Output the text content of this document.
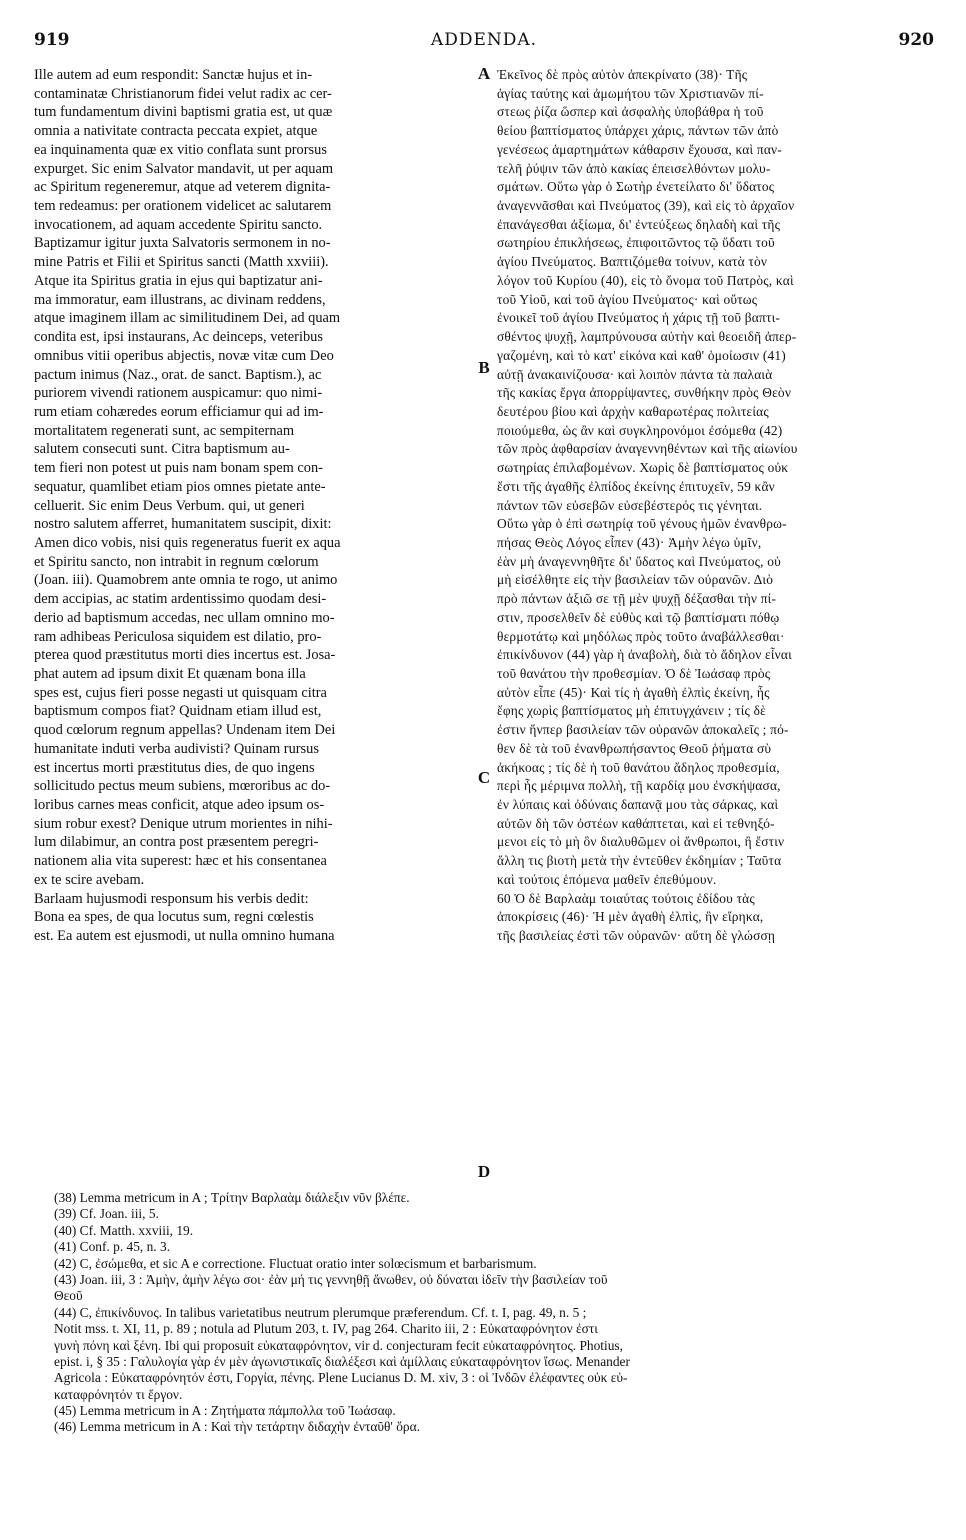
919	ADDENDA.	920
Ille autem ad eum respondit: Sanctæ hujus et in-
contaminatæ Christianorum fidei velut radix ac cer-
tum fundamentum divini baptismi gratia est, ut quæ
omnia a nativitate contracta peccata expiet, atque
ea inquinamenta quæ ex vitio conflata sunt prorsus
expurget. Sic enim Salvator mandavit, ut per aquam
ac Spiritum regeneremur, atque ad veterem dignita-
tem redeamus: per orationem videlicet ac salutarem
invocationem, ad aquam accedente Spiritu sancto.
Baptizamur igitur juxta Salvatoris sermonem in no-
mine Patris et Filii et Spiritus sancti (Matth xxviii).
Atque ita Spiritus gratia in ejus qui baptizatur ani-
ma immoratur, eam illustrans, ac divinam reddens,
atque imaginem illam ac similitudinem Dei, ad quam
condita est, ipsi instaurans, Ac deinceps, veteribus
omnibus vitii operibus abjectis, novæ vitæ cum Deo
pactum inimus (Naz., orat. de sanct. Baptism.), ac
puriorem vivendi rationem auspicamur: quo nimi-
rum etiam cohæredes eorum efficiamur qui ad im-
mortalitatem regenerati sunt, ac sempiternam
salutem consecuti sunt. Citra baptismum au-
tem fieri non potest ut puis nam bonam spem con-
sequatur, quamlibet etiam pios omnes pietate ante-
celluerit. Sic enim Deus Verbum. qui, ut generi
nostro salutem afferret, humanitatem suscipit, dixit:
Amen dico vobis, nisi quis regeneratus fuerit ex aqua
et Spiritu sancto, non intrabit in regnum cœlorum
(Joan. iii). Quamobrem ante omnia te rogo, ut animo
dem accipias, ac statim ardentissimo quodam desi-
derio ad baptismum accedas, nec ullam omnino mo-
ram adhibeas Periculosa siquidem est dilatio, pro-
pterea quod præstitutus morti dies incertus est. Josa-
phat autem ad ipsum dixit Et quænam bona illa
spes est, cujus fieri posse negasti ut quisquam citra
baptismum compos fiat? Quidnam etiam illud est,
quod cœlorum regnum appellas? Undenam item Dei
humanitate induti verba audivisti? Quinam rursus
est incertus morti præstitutus dies, de quo ingens
sollicitudo pectus meum subiens, mœroribus ac do-
loribus carnes meas conficit, atque adeo ipsum os-
sium robur exest? Denique utrum morientes in nihi-
lum dilabimur, an contra post præsentem peregri-
nationem alia vita superest: hæc et his consentanea
ex te scire avebam.
Barlaam hujusmodi responsum his verbis dedit:
Bona ea spes, de qua locutus sum, regni cœlestis
est. Ea autem est ejusmodi, ut nulla omnino humana
Ἐκεῖνος δὲ πρὸς αὐτὸν ἀπεκρίνατο (38)· Τῆς
ἁγίας ταύτης καὶ ἀμωμήτου τῶν Χριστιανῶν πί-
στεως ῥίζα ὥσπερ καὶ ἀσφαλὴς ὑποβάθρα ἡ τοῦ
θείου βαπτίσματος ὑπάρχει χάρις, πάντων τῶν ἀπὸ
γενέσεως ἁμαρτημάτων κάθαρσιν ἔχουσα, καὶ παν-
τελῆ ῥύψιν τῶν ἀπὸ κακίας ἐπεισελθόντων μολυ-
σμάτων. Οὕτω γὰρ ὁ Σωτὴρ ἐνετείλατο δι' ὕδατος
ἀναγεννᾶσθαι καὶ Πνεύματος (39), καὶ εἰς τὸ ἀρχαῖον
ἐπανάγεσθαι ἀξίωμα, δι' ἐντεύξεως δηλαδὴ καὶ τῆς
σωτηρίου ἐπικλήσεως, ἐπιφοιτῶντος τῷ ὕδατι τοῦ
ἁγίου Πνεύματος. Βαπτιζόμεθα τοίνυν, κατὰ τὸν
λόγον τοῦ Κυρίου (40), εἰς τὸ ὄνομα τοῦ Πατρὸς, καὶ
τοῦ Υἱοῦ, καὶ τοῦ ἁγίου Πνεύματος· καὶ οὕτως
ἐνοικεῖ τοῦ ἁγίου Πνεύματος ἡ χάρις τῇ τοῦ βαπτι-
σθέντος ψυχῇ, λαμπρύνουσα αὐτὴν καὶ θεοειδῆ ἀπερ-
γαζομένη, καὶ τὸ κατ' εἰκόνα καὶ καθ' ὁμοίωσιν (41)
αὐτῇ ἀνακαινίζουσα· καὶ λοιπὸν πάντα τὰ παλαιὰ
τῆς κακίας ἔργα ἀπορρίψαντες, συνθήκην πρὸς Θεὸν
δευτέρου βίου καὶ ἀρχὴν καθαρωτέρας πολιτείας
ποιούμεθα, ὡς ἂν καὶ συγκληρονόμοι ἐσόμεθα (42)
τῶν πρὸς ἀφθαρσίαν ἀναγεννηθέντων καὶ τῆς αἰωνίου
σωτηρίας ἐπιλαβομένων. Χωρὶς δὲ βαπτίσματος οὐκ
ἔστι τῆς ἀγαθῆς ἐλπίδος ἐκείνης ἐπιτυχεῖν, 59 κἂν
πάντων τῶν εὐσεβῶν εὐσεβέστερός τις γένηται.
Οὕτω γὰρ ὁ ἐπὶ σωτηρίᾳ τοῦ γένους ἡμῶν ἐνανθρω-
πήσας Θεὸς Λόγος εἶπεν (43)· Ἀμὴν λέγω ὑμῖν,
ἐὰν μὴ ἀναγεννηθῆτε δι' ὕδατος καὶ Πνεύματος, οὐ
μὴ εἰσέλθητε εἰς τὴν βασιλείαν τῶν οὐρανῶν. Διὸ
πρὸ πάντων ἀξιῶ σε τῇ μὲν ψυχῇ δέξασθαι τὴν πί-
στιν, προσελθεῖν δὲ εὐθὺς καὶ τῷ βαπτίσματι πόθῳ
θερμοτάτῳ καὶ μηδόλως πρὸς τοῦτο ἀναβάλλεσθαι·
ἐπικίνδυνον (44) γὰρ ἡ ἀναβολὴ, διὰ τὸ ἄδηλον εἶναι
τοῦ θανάτου τὴν προθεσμίαν. Ὁ δὲ Ἰωάσαφ πρὸς
αὐτὸν εἶπε (45)· Καὶ τίς ἡ ἀγαθὴ ἐλπὶς ἐκείνη, ἧς
ἔφης χωρὶς βαπτίσματος μὴ ἐπιτυγχάνειν ; τίς δὲ
ἐστιν ἥνπερ βασιλείαν τῶν οὐρανῶν ἀποκαλεῖς ; πό-
θεν δὲ τὰ τοῦ ἐνανθρωπήσαντος Θεοῦ ῥήματα σὺ
ἀκήκοας ; τίς δὲ ἡ τοῦ θανάτου ἄδηλος προθεσμία,
περὶ ἧς μέριμνα πολλὴ, τῇ καρδίᾳ μου ἐνσκήψασα,
ἐν λύπαις καὶ ὀδύναις δαπανᾷ μου τὰς σάρκας, καὶ
αὐτῶν δὴ τῶν ὀστέων καθάπτεται, καὶ εἰ τεθνηξό-
μενοι εἰς τὸ μὴ ὂν διαλυθῶμεν οἱ ἄνθρωποι, ἢ ἔστιν
ἄλλη τις βιοτὴ μετὰ τὴν ἐντεῦθεν ἐκδημίαν ; Ταῦτα
καὶ τούτοις ἑπόμενα μαθεῖν ἐπεθύμουν.
60 Ὁ δὲ Βαρλαὰμ τοιαύτας τούτοις ἐδίδου τὰς
ἀποκρίσεις (46)· Ἡ μὲν ἀγαθὴ ἐλπὶς, ἣν εἴρηκα,
τῆς βασιλείας ἐστὶ τῶν οὐρανῶν· αὕτη δὲ γλώσσῃ
A
B
C
D
(38) Lemma metricum in A ; Τρίτην Βαρλαὰμ διάλεξιν νῦν βλέπε.
(39) Cf. Joan. iii, 5.
(40) Cf. Matth. xxviii, 19.
(41) Conf. p. 45, n. 3.
(42) C, ἐσώμεθα, et sic A e correctione. Fluctuat oratio inter solœcismum et barbarismum.
(43) Joan. iii, 3 : Ἀμὴν, ἀμὴν λέγω σοι· ἐὰν μή τις γεννηθῇ ἄνωθεν, οὐ δύναται ἰδεῖν τὴν βασιλείαν τοῦ
Θεοῦ
(44) C, ἐπικίνδυνος. In talibus varietatibus neutrum plerumque præferendum. Cf. t. I, pag. 49, n. 5 ;
Notit mss. t. XI, 11, p. 89 ; notula ad Plutum 203, t. IV, pag 264. Charito iii, 2 : Εὐκαταφρόνητον ἐστι
γυνὴ πόνη καὶ ξένη. Ibi qui proposuit εὐκαταφρόνητον, vir d. conjecturam fecit εὐκαταφρόνητος. Photius,
epist. i, § 35 : Γαλυλογία γὰρ ἐν μὲν ἀγωνιστικαῖς διαλέξεσι καὶ ἁμίλλαις εὐκαταφρόνητον ἴσως. Menander
Agricola : Εὐκαταφρόνητόν ἐστι, Γοργία, πένης. Plene Lucianus D. M. xiv, 3 : οἱ Ἰνδῶν ἐλέφαντες οὐκ εὐ-
καταφρόνητόν τι ἔργον.
(45) Lemma metricum in A : Ζητήματα πάμπολλα τοῦ Ἰωάσαφ.
(46) Lemma metricum in A : Καὶ τὴν τετάρτην διδαχὴν ἐνταῦθ' ὅρα.
